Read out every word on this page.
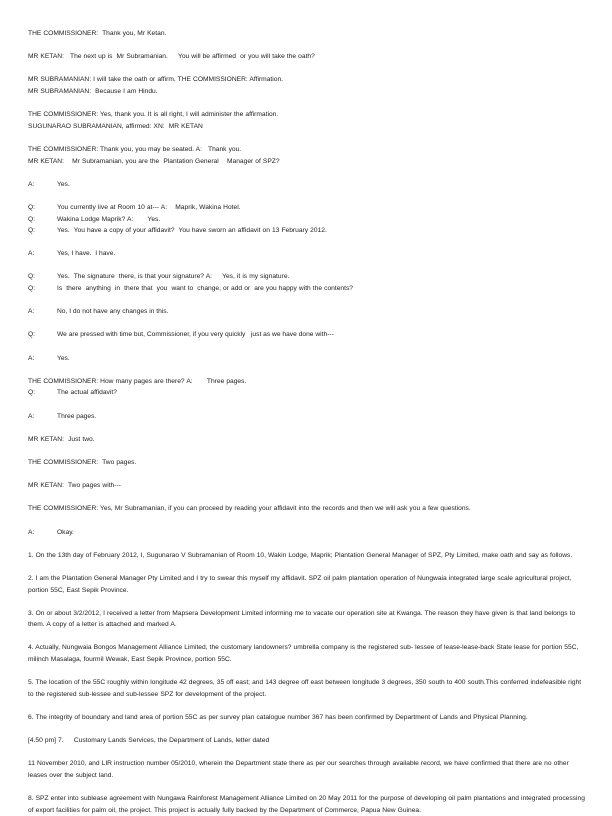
THE COMMISSIONER:  Thank you, Mr Ketan.
MR KETAN:   The next up is  Mr Subramanian.     You will be affirmed  or you will take the oath?
MR SUBRAMANIAN: I will take the oath or affirm. THE COMMISSIONER: Affirmation.
MR SUBRAMANIAN:  Because I am Hindu.
THE COMMISSIONER: Yes, thank you. It is all right, I will administer the affirmation.
SUGUNARAO SUBRAMANIAN, affirmed: XN:  MR KETAN
THE COMMISSIONER: Thank you, you may be seated. A:   Thank you.
MR KETAN:    Mr Subramanian, you are the  Plantation General    Manager of SPZ?
A:	Yes.
Q:	You currently live at Room 10 at--- A:    Maprik, Wakina Hotel.
Q:	Wakina Lodge Maprik? A:       Yes.
Q:	Yes.  You have a copy of your affidavit?  You have sworn an affidavit on 13 February 2012.
A:	Yes, I have.  I have.
Q:	Yes.  The signature  there, is that your signature? A:     Yes, it is my signature.
Q:	Is  there  anything  in  there that  you  want to  change, or add or  are you happy with the contents?
A:	No, I do not have any changes in this.
Q:	We are pressed with time but, Commissioner, if you very quickly   just as we have done with---
A:	Yes.
THE COMMISSIONER: How many pages are there? A:       Three pages.
Q:	The actual affidavit?
A:	Three pages.
MR KETAN:  Just two.
THE COMMISSIONER:  Two pages.
MR KETAN:  Two pages with---
THE COMMISSIONER: Yes, Mr Subramanian, if you can proceed by reading your affidavit into the records and then we will ask you a few questions.
A:	Okay.
1. On the 13th day of February 2012, I, Sugunarao V Subramanian of Room 10, Wakin Lodge, Maprik; Plantation General Manager of SPZ, Pty Limited, make oath and say as follows.
2. I am the Plantation General Manager Pty Limited and I try to swear this myself my affidavit. SPZ oil palm plantation operation of Nungwaia integrated large scale agricultural project, portion 55C, East Sepik Province.
3. On or about 3/2/2012, I received a letter from Mapsera Development Limited informing me to vacate our operation site at Kwanga. The reason they have given is that land belongs to them. A copy of a letter is attached and marked A.
4. Actually, Nungwaia Bongos Management Alliance Limited, the customary landowners? umbrella company is the registered sub- lessee of lease-lease-back State lease for portion 55C, milinch Masalaga, fourmil Wewak, East Sepik Province, portion 55C.
5. The location of the 55C roughly within longitude 42 degrees, 35 off east; and 143 degree off east between longitude 3 degrees, 350 south to 400 south.This conferred indefeasible right to the registered sub-lessee and sub-lessee SPZ for development of the project.
6. The integrity of boundary and land area of portion 55C as per survey plan catalogue number 367 has been confirmed by Department of Lands and Physical Planning.
[4.50 pm] 7.     Customary Lands Services, the Department of Lands, letter dated
11 November 2010, and LIR instruction number 05/2010, wherein the Department state there as per our searches through available record, we have confirmed that there are no other leases over the subject land.
8. SPZ enter into sublease agreement with Nungawa Rainforest Management Alliance Limited on 20 May 2011 for the purpose of developing oil palm plantations and integrated processing of export facilities for palm oil, the project. This project is actually fully backed by the Department of Commerce, Papua New Guinea.
